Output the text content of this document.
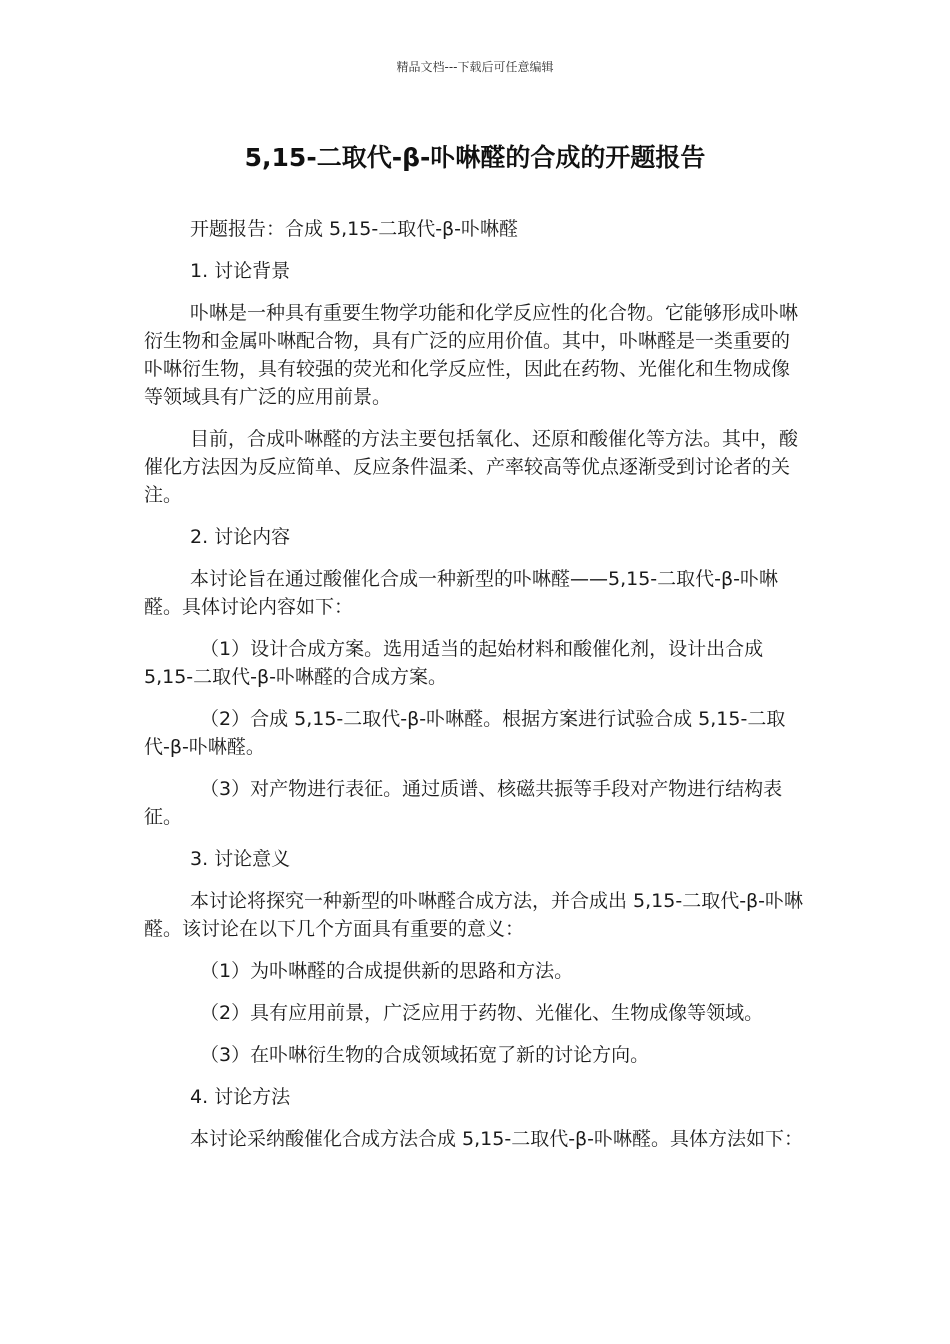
精品文档---下载后可任意编辑
5,15-二取代-β-卟啉醛的合成的开题报告

开题报告：合成 5,15-二取代-β-卟啉醛

1. 讨论背景

卟啉是一种具有重要生物学功能和化学反应性的化合物。它能够形成卟啉衍生物和金属卟啉配合物，具有广泛的应用价值。其中，卟啉醛是一类重要的卟啉衍生物，具有较强的荧光和化学反应性，因此在药物、光催化和生物成像等领域具有广泛的应用前景。

目前，合成卟啉醛的方法主要包括氧化、还原和酸催化等方法。其中，酸催化方法因为反应简单、反应条件温柔、产率较高等优点逐渐受到讨论者的关注。

2. 讨论内容

本讨论旨在通过酸催化合成一种新型的卟啉醛——5,15-二取代-β-卟啉醛。具体讨论内容如下：

（1）设计合成方案。选用适当的起始材料和酸催化剂，设计出合成 5,15-二取代-β-卟啉醛的合成方案。

（2）合成 5,15-二取代-β-卟啉醛。根据方案进行试验合成 5,15-二取代-β-卟啉醛。

（3）对产物进行表征。通过质谱、核磁共振等手段对产物进行结构表征。

3. 讨论意义

本讨论将探究一种新型的卟啉醛合成方法，并合成出 5,15-二取代-β-卟啉醛。该讨论在以下几个方面具有重要的意义：

（1）为卟啉醛的合成提供新的思路和方法。

（2）具有应用前景，广泛应用于药物、光催化、生物成像等领域。

（3）在卟啉衍生物的合成领域拓宽了新的讨论方向。

4. 讨论方法

本讨论采纳酸催化合成方法合成 5,15-二取代-β-卟啉醛。具体方法如下：
